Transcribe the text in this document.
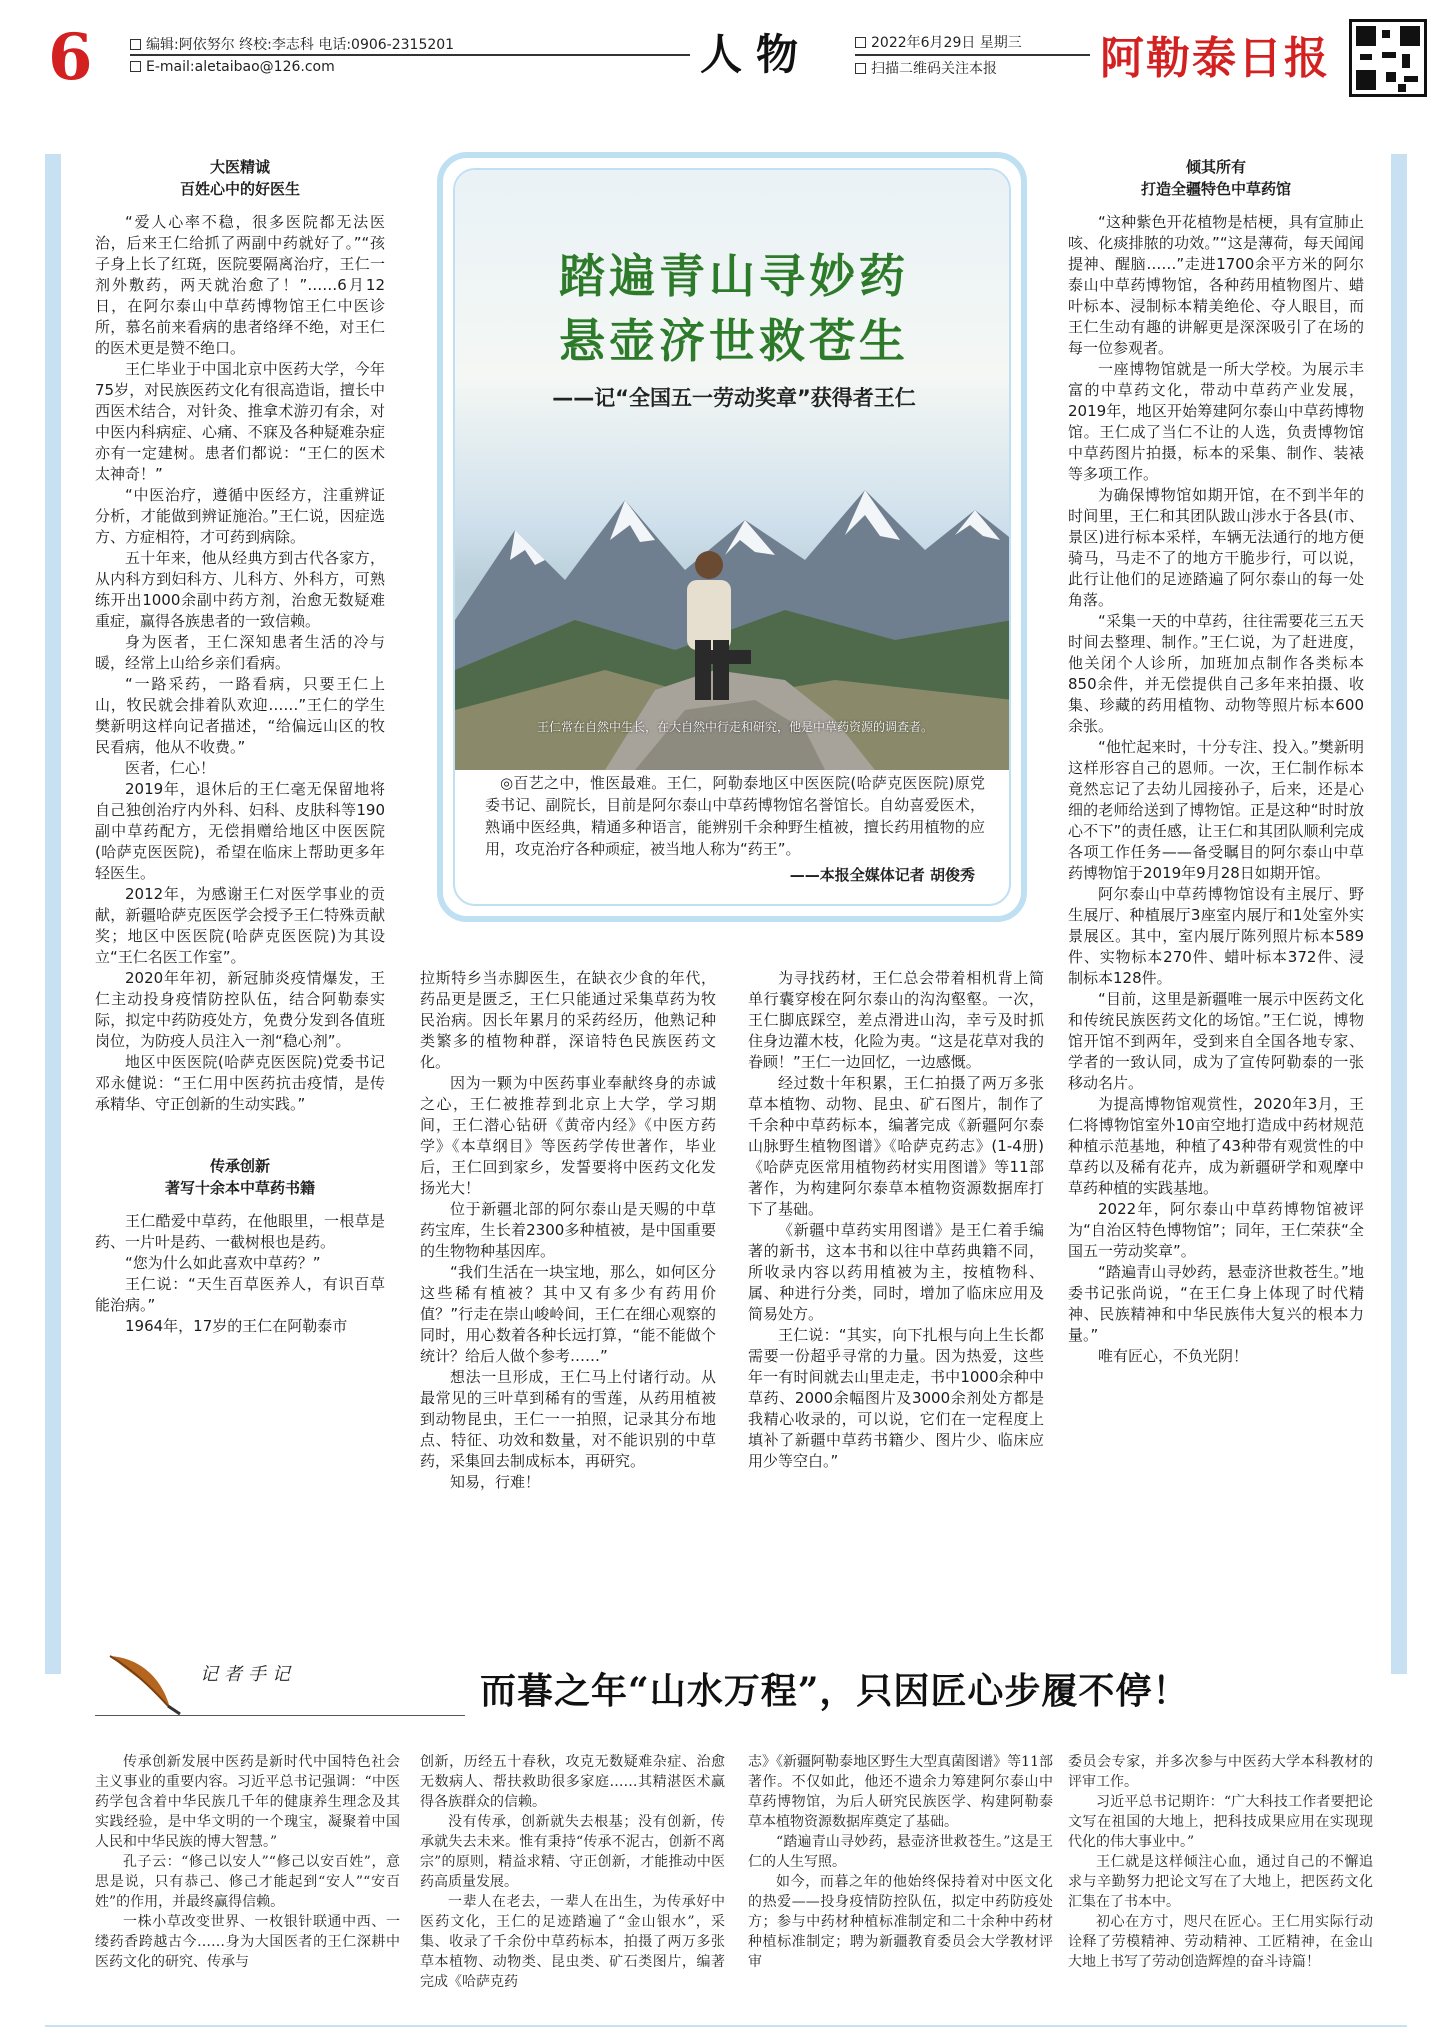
6	编辑:阿依努尔 终校:李志科 电话:0906-2315201
E-mail:aletaibao@126.com	人物	2022年6月29日 星期三
扫描二维码关注本报	阿勒泰日报
大医精诚
百姓心中的好医生

“爱人心率不稳，很多医院都无法医治，后来王仁给抓了两副中药就好了。”“孩子身上长了红斑，医院要隔离治疗，王仁一剂外敷药，两天就治愈了！”……6月12日，在阿尔泰山中草药博物馆王仁中医诊所，慕名前来看病的患者络绎不绝，对王仁的医术更是赞不绝口。

王仁毕业于中国北京中医药大学，今年75岁，对民族医药文化有很高造诣，擅长中西医术结合，对针灸、推拿术游刃有余，对中医内科病症、心痛、不寐及各种疑难杂症亦有一定建树。患者们都说：“王仁的医术太神奇！”

“中医治疗，遵循中医经方，注重辨证分析，才能做到辨证施治。”王仁说，因症选方、方症相符，才可药到病除。

五十年来，他从经典方到古代各家方，从内科方到妇科方、儿科方、外科方，可熟练开出1000余副中药方剂，治愈无数疑难重症，赢得各族患者的一致信赖。

身为医者，王仁深知患者生活的冷与暖，经常上山给乡亲们看病。

“一路采药，一路看病，只要王仁上山，牧民就会排着队欢迎……”王仁的学生樊新明这样向记者描述，“给偏远山区的牧民看病，他从不收费。”

医者，仁心！

2019年，退休后的王仁毫无保留地将自己独创治疗内外科、妇科、皮肤科等190副中草药配方，无偿捐赠给地区中医医院(哈萨克医医院)，希望在临床上帮助更多年轻医生。

2012年，为感谢王仁对医学事业的贡献，新疆哈萨克医医学会授予王仁特殊贡献奖；地区中医医院(哈萨克医医院)为其设立“王仁名医工作室”。

2020年年初，新冠肺炎疫情爆发，王仁主动投身疫情防控队伍，结合阿勒泰实际，拟定中药防疫处方，免费分发到各值班岗位，为防疫人员注入一剂“稳心剂”。

地区中医医院(哈萨克医医院)党委书记邓永健说：“王仁用中医药抗击疫情，是传承精华、守正创新的生动实践。”

传承创新
著写十余本中草药书籍

王仁酷爱中草药，在他眼里，一根草是药、一片叶是药、一截树根也是药。

“您为什么如此喜欢中草药？”

王仁说：“天生百草医养人，有识百草能治病。”

1964年，17岁的王仁在阿勒泰市

踏遍青山寻妙药
悬壶济世救苍生
——记“全国五一劳动奖章”获得者王仁
王仁常在自然中生长，在大自然中行走和研究，他是中草药资源的调查者。

◎百艺之中，惟医最难。王仁，阿勒泰地区中医医院(哈萨克医医院)原党委书记、副院长，目前是阿尔泰山中草药博物馆名誉馆长。自幼喜爱医术，熟诵中医经典，精通多种语言，能辨别千余种野生植被，擅长药用植物的应用，攻克治疗各种顽症，被当地人称为“药王”。

——本报全媒体记者 胡俊秀

拉斯特乡当赤脚医生，在缺衣少食的年代，药品更是匮乏，王仁只能通过采集草药为牧民治病。因长年累月的采药经历，他熟记种类繁多的植物种群，深谙特色民族医药文化。

因为一颗为中医药事业奉献终身的赤诚之心，王仁被推荐到北京上大学，学习期间，王仁潜心钻研《黄帝内经》《中医方药学》《本草纲目》等医药学传世著作，毕业后，王仁回到家乡，发誓要将中医药文化发扬光大！

位于新疆北部的阿尔泰山是天赐的中草药宝库，生长着2300多种植被，是中国重要的生物物种基因库。

“我们生活在一块宝地，那么，如何区分这些稀有植被？其中又有多少有药用价值？”行走在崇山峻岭间，王仁在细心观察的同时，用心数着各种长远打算，“能不能做个统计？给后人做个参考……”

想法一旦形成，王仁马上付诸行动。从最常见的三叶草到稀有的雪莲，从药用植被到动物昆虫，王仁一一拍照，记录其分布地点、特征、功效和数量，对不能识别的中草药，采集回去制成标本，再研究。

知易，行难！

为寻找药材，王仁总会带着相机背上简单行囊穿梭在阿尔泰山的沟沟壑壑。一次，王仁脚底踩空，差点滑进山沟，幸亏及时抓住身边灌木枝，化险为夷。“这是花草对我的眷顾！”王仁一边回忆，一边感慨。

经过数十年积累，王仁拍摄了两万多张草本植物、动物、昆虫、矿石图片，制作了千余种中草药标本，编著完成《新疆阿尔泰山脉野生植物图谱》《哈萨克药志》(1-4册)《哈萨克医常用植物药材实用图谱》等11部著作，为构建阿尔泰草本植物资源数据库打下了基础。

《新疆中草药实用图谱》是王仁着手编著的新书，这本书和以往中草药典籍不同，所收录内容以药用植被为主，按植物科、属、种进行分类，同时，增加了临床应用及简易处方。

王仁说：“其实，向下扎根与向上生长都需要一份超乎寻常的力量。因为热爱，这些年一有时间就去山里走走，书中1000余种中草药、2000余幅图片及3000余剂处方都是我精心收录的，可以说，它们在一定程度上填补了新疆中草药书籍少、图片少、临床应用少等空白。”

倾其所有
打造全疆特色中草药馆

“这种紫色开花植物是桔梗，具有宣肺止咳、化痰排脓的功效。”“这是薄荷，每天闻闻提神、醒脑……”走进1700余平方米的阿尔泰山中草药博物馆，各种药用植物图片、蜡叶标本、浸制标本精美绝伦、夺人眼目，而王仁生动有趣的讲解更是深深吸引了在场的每一位参观者。

一座博物馆就是一所大学校。为展示丰富的中草药文化，带动中草药产业发展，2019年，地区开始筹建阿尔泰山中草药博物馆。王仁成了当仁不让的人选，负责博物馆中草药图片拍摄，标本的采集、制作、装裱等多项工作。

为确保博物馆如期开馆，在不到半年的时间里，王仁和其团队跋山涉水于各县(市、景区)进行标本采样，车辆无法通行的地方便骑马，马走不了的地方干脆步行，可以说，此行让他们的足迹踏遍了阿尔泰山的每一处角落。

“采集一天的中草药，往往需要花三五天时间去整理、制作。”王仁说，为了赶进度，他关闭个人诊所，加班加点制作各类标本850余件，并无偿提供自己多年来拍摄、收集、珍藏的药用植物、动物等照片标本600余张。

“他忙起来时，十分专注、投入。”樊新明这样形容自己的恩师。一次，王仁制作标本竟然忘记了去幼儿园接孙子，后来，还是心细的老师给送到了博物馆。正是这种“时时放心不下”的责任感，让王仁和其团队顺利完成各项工作任务——备受瞩目的阿尔泰山中草药博物馆于2019年9月28日如期开馆。

阿尔泰山中草药博物馆设有主展厅、野生展厅、种植展厅3座室内展厅和1处室外实景展区。其中，室内展厅陈列照片标本589件、实物标本270件、蜡叶标本372件、浸制标本128件。

“目前，这里是新疆唯一展示中医药文化和传统民族医药文化的场馆。”王仁说，博物馆开馆不到两年，受到来自全国各地专家、学者的一致认同，成为了宣传阿勒泰的一张移动名片。

为提高博物馆观赏性，2020年3月，王仁将博物馆室外10亩空地打造成中药材规范种植示范基地，种植了43种带有观赏性的中草药以及稀有花卉，成为新疆研学和观摩中草药种植的实践基地。

2022年，阿尔泰山中草药博物馆被评为“自治区特色博物馆”；同年，王仁荣获“全国五一劳动奖章”。

“踏遍青山寻妙药，悬壶济世救苍生。”地委书记张尚说，“在王仁身上体现了时代精神、民族精神和中华民族伟大复兴的根本力量。”

唯有匠心，不负光阴！

记者手记	而暮之年“山水万程”，只因匠心步履不停！

传承创新发展中医药是新时代中国特色社会主义事业的重要内容。习近平总书记强调：“中医药学包含着中华民族几千年的健康养生理念及其实践经验，是中华文明的一个瑰宝，凝聚着中国人民和中华民族的博大智慧。”

孔子云：“修己以安人”“修己以安百姓”，意思是说，只有恭己、修己才能起到“安人”“安百姓”的作用，并最终赢得信赖。

一株小草改变世界、一枚银针联通中西、一缕药香跨越古今……身为大国医者的王仁深耕中医药文化的研究、传承与

创新，历经五十春秋，攻克无数疑难杂症、治愈无数病人、帮扶救助很多家庭……其精湛医术赢得各族群众的信赖。

没有传承，创新就失去根基；没有创新，传承就失去未来。惟有秉持“传承不泥古，创新不离宗”的原则，精益求精、守正创新，才能推动中医药高质量发展。

一辈人在老去，一辈人在出生，为传承好中医药文化，王仁的足迹踏遍了“金山银水”，采集、收录了千余份中草药标本，拍摄了两万多张草本植物、动物类、昆虫类、矿石类图片，编著完成《哈萨克药

志》《新疆阿勒泰地区野生大型真菌图谱》等11部著作。不仅如此，他还不遗余力筹建阿尔泰山中草药博物馆，为后人研究民族医学、构建阿勒泰草本植物资源数据库奠定了基础。

“踏遍青山寻妙药，悬壶济世救苍生。”这是王仁的人生写照。

如今，而暮之年的他始终保持着对中医文化的热爱——投身疫情防控队伍，拟定中药防疫处方；参与中药材种植标准制定和二十余种中药材种植标准制定；聘为新疆教育委员会大学教材评审

委员会专家，并多次参与中医药大学本科教材的评审工作。

习近平总书记期许：“广大科技工作者要把论文写在祖国的大地上，把科技成果应用在实现现代化的伟大事业中。”

王仁就是这样倾注心血，通过自己的不懈追求与辛勤努力把论文写在了大地上，把医药文化汇集在了书本中。

初心在方寸，咫尺在匠心。王仁用实际行动诠释了劳模精神、劳动精神、工匠精神，在金山大地上书写了劳动创造辉煌的奋斗诗篇！
